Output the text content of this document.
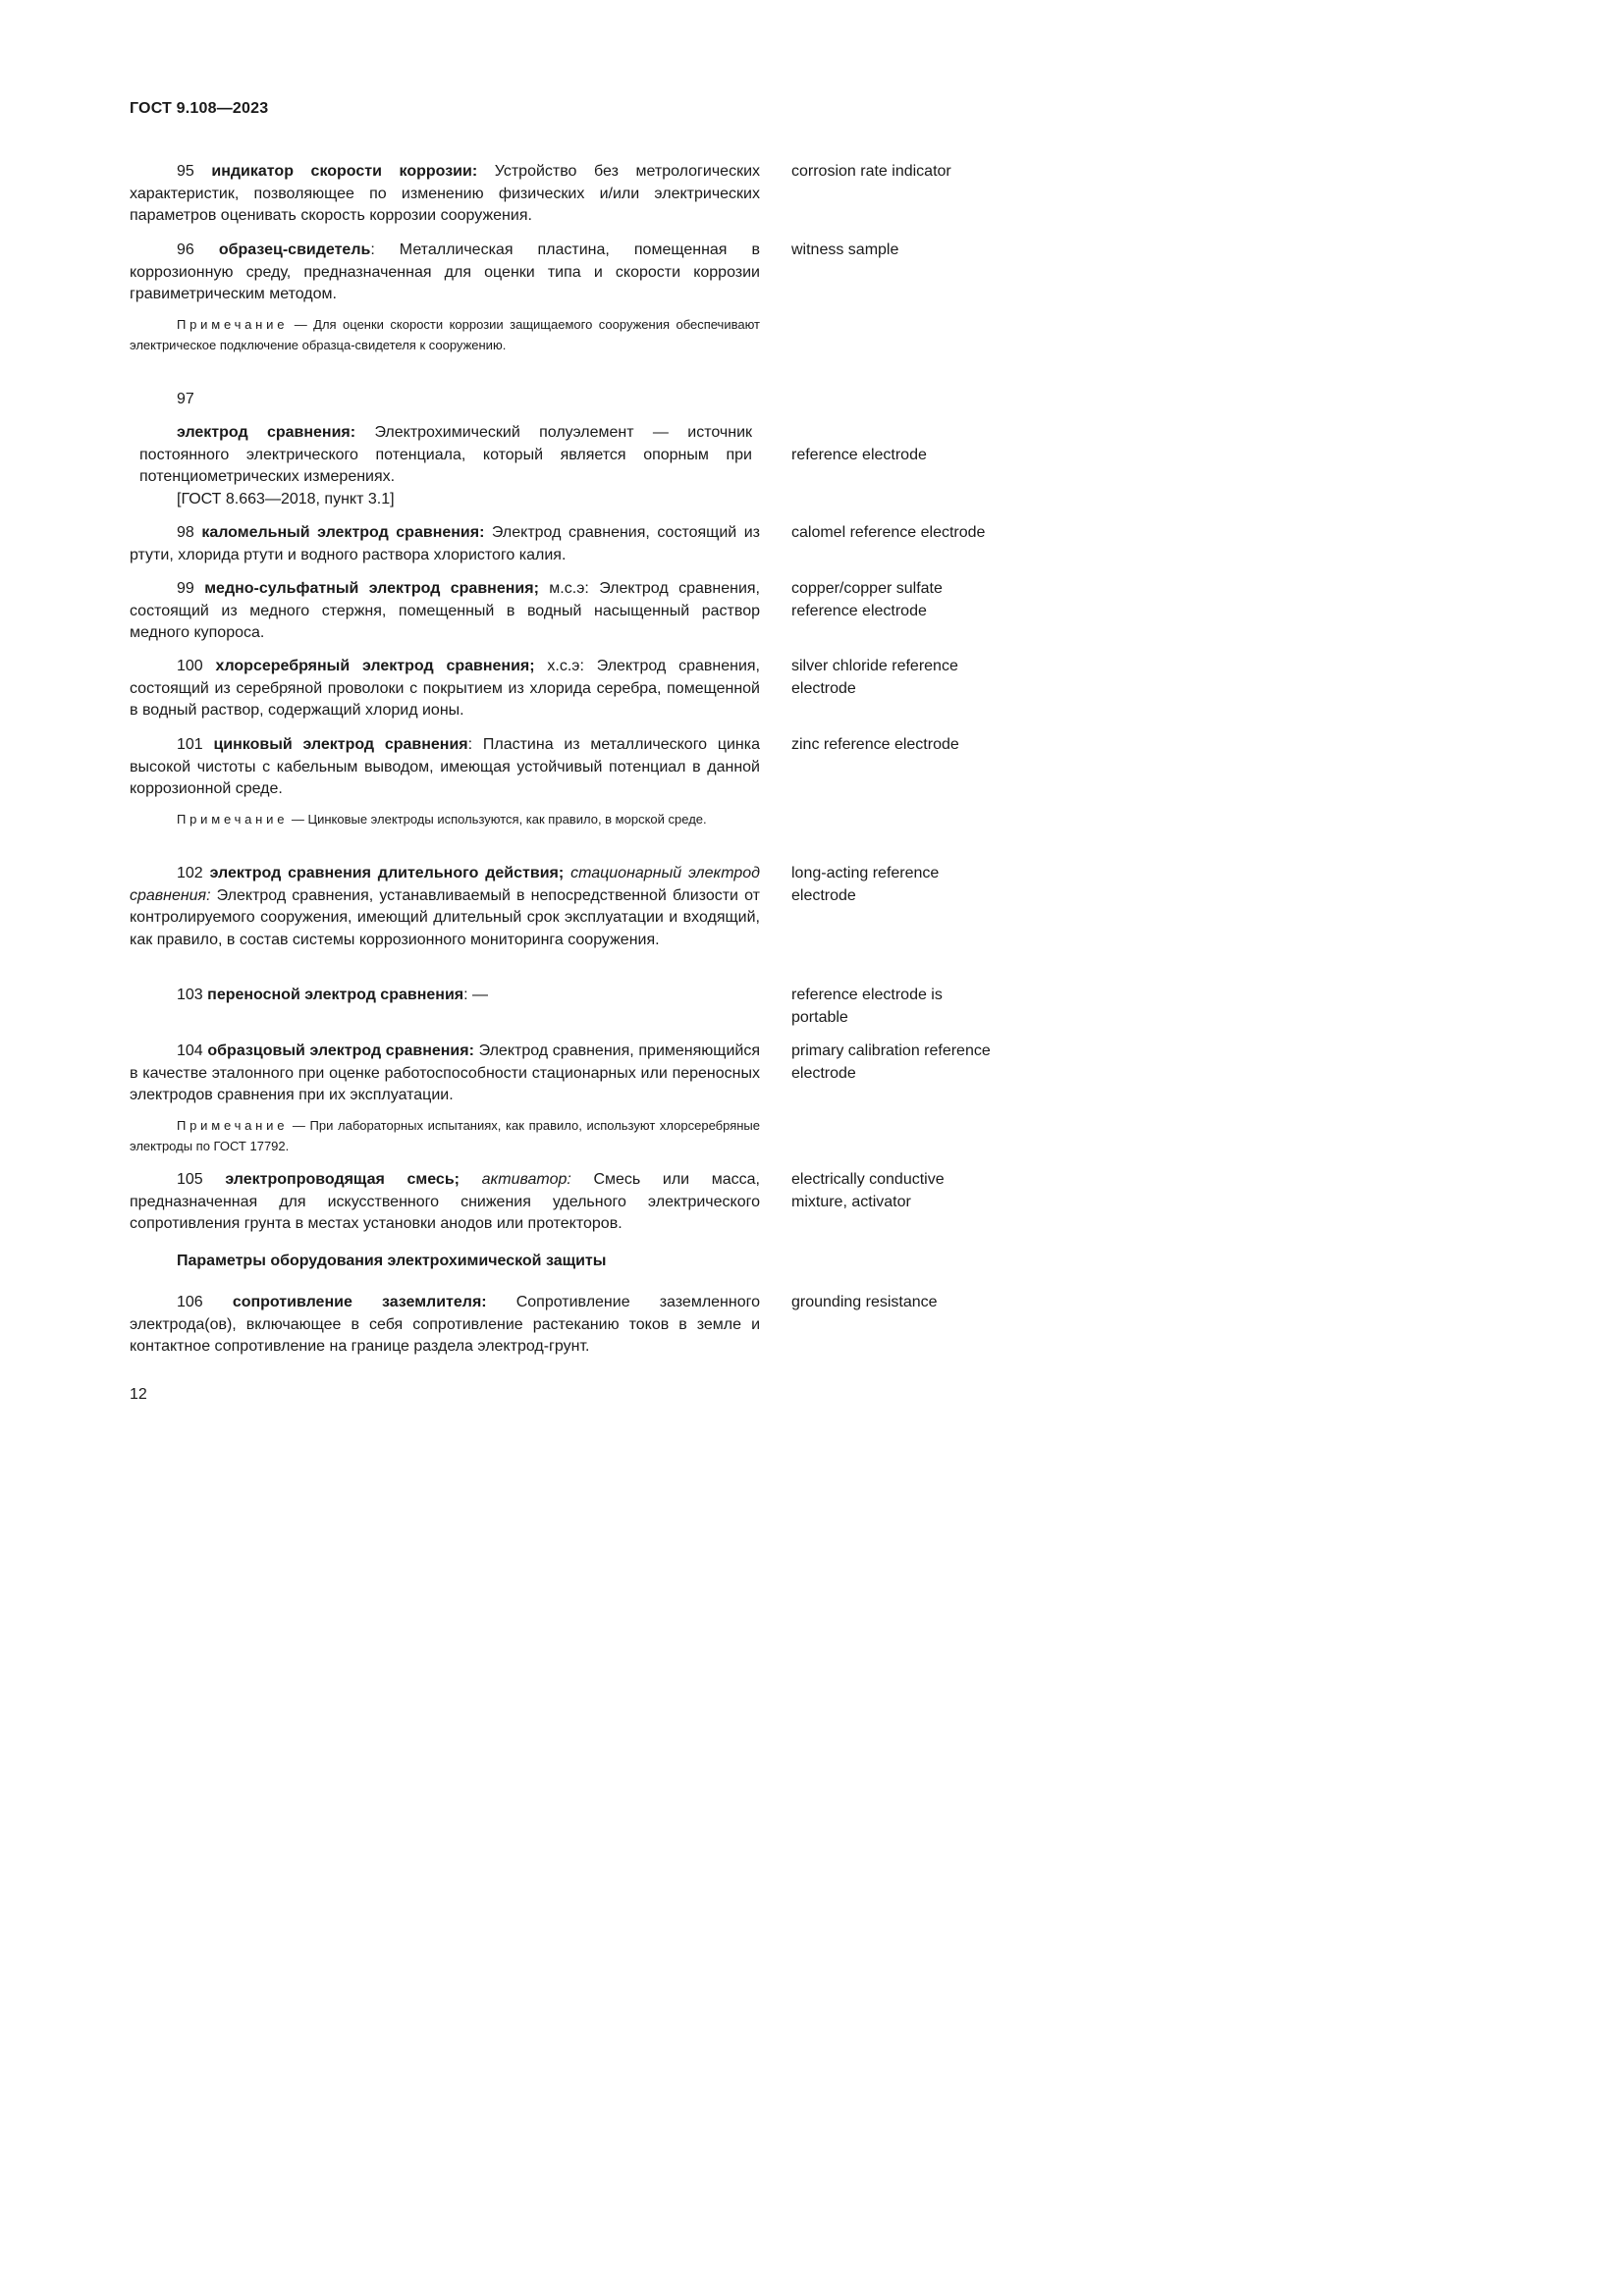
ГОСТ 9.108—2023
95 индикатор скорости коррозии: Устройство без метрологических характеристик, позволяющее по изменению физических и/или электрических параметров оценивать скорость коррозии сооружения.
corrosion rate indicator
96 образец-свидетель: Металлическая пластина, помещенная в коррозионную среду, предназначенная для оценки типа и скорости коррозии гравиметрическим методом.
witness sample
Примечание — Для оценки скорости коррозии защищаемого сооружения обеспечивают электрическое подключение образца-свидетеля к сооружению.
97
электрод сравнения: Электрохимический полуэлемент — источник постоянного электрического потенциала, который является опорным при потенциометрических измерениях.
[ГОСТ 8.663—2018, пункт 3.1]
reference electrode
98 каломельный электрод сравнения: Электрод сравнения, состоящий из ртути, хлорида ртути и водного раствора хлористого калия.
calomel reference electrode
99 медно-сульфатный электрод сравнения; м.с.э: Электрод сравнения, состоящий из медного стержня, помещенный в водный насыщенный раствор медного купороса.
copper/copper sulfate reference electrode
100 хлорсеребряный электрод сравнения; х.с.э: Электрод сравнения, состоящий из серебряной проволоки с покрытием из хлорида серебра, помещенной в водный раствор, содержащий хлорид ионы.
silver chloride reference electrode
101 цинковый электрод сравнения: Пластина из металлического цинка высокой чистоты с кабельным выводом, имеющая устойчивый потенциал в данной коррозионной среде.
zinc reference electrode
Примечание — Цинковые электроды используются, как правило, в морской среде.
102 электрод сравнения длительного действия; стационарный электрод сравнения: Электрод сравнения, устанавливаемый в непосредственной близости от контролируемого сооружения, имеющий длительный срок эксплуатации и входящий, как правило, в состав системы коррозионного мониторинга сооружения.
long-acting reference electrode
103 переносной электрод сравнения: —	reference electrode is portable
104 образцовый электрод сравнения: Электрод сравнения, применяющийся в качестве эталонного при оценке работоспособности стационарных или переносных электродов сравнения при их эксплуатации.
primary calibration reference electrode
Примечание — При лабораторных испытаниях, как правило, используют хлорсеребряные электроды по ГОСТ 17792.
105 электропроводящая смесь; активатор: Смесь или масса, предназначенная для искусственного снижения удельного электрического сопротивления грунта в местах установки анодов или протекторов.
electrically conductive mixture, activator
Параметры оборудования электрохимической защиты
106 сопротивление заземлителя: Сопротивление заземленного электрода(ов), включающее в себя сопротивление растеканию токов в земле и контактное сопротивление на границе раздела электрод-грунт.
grounding resistance
12
